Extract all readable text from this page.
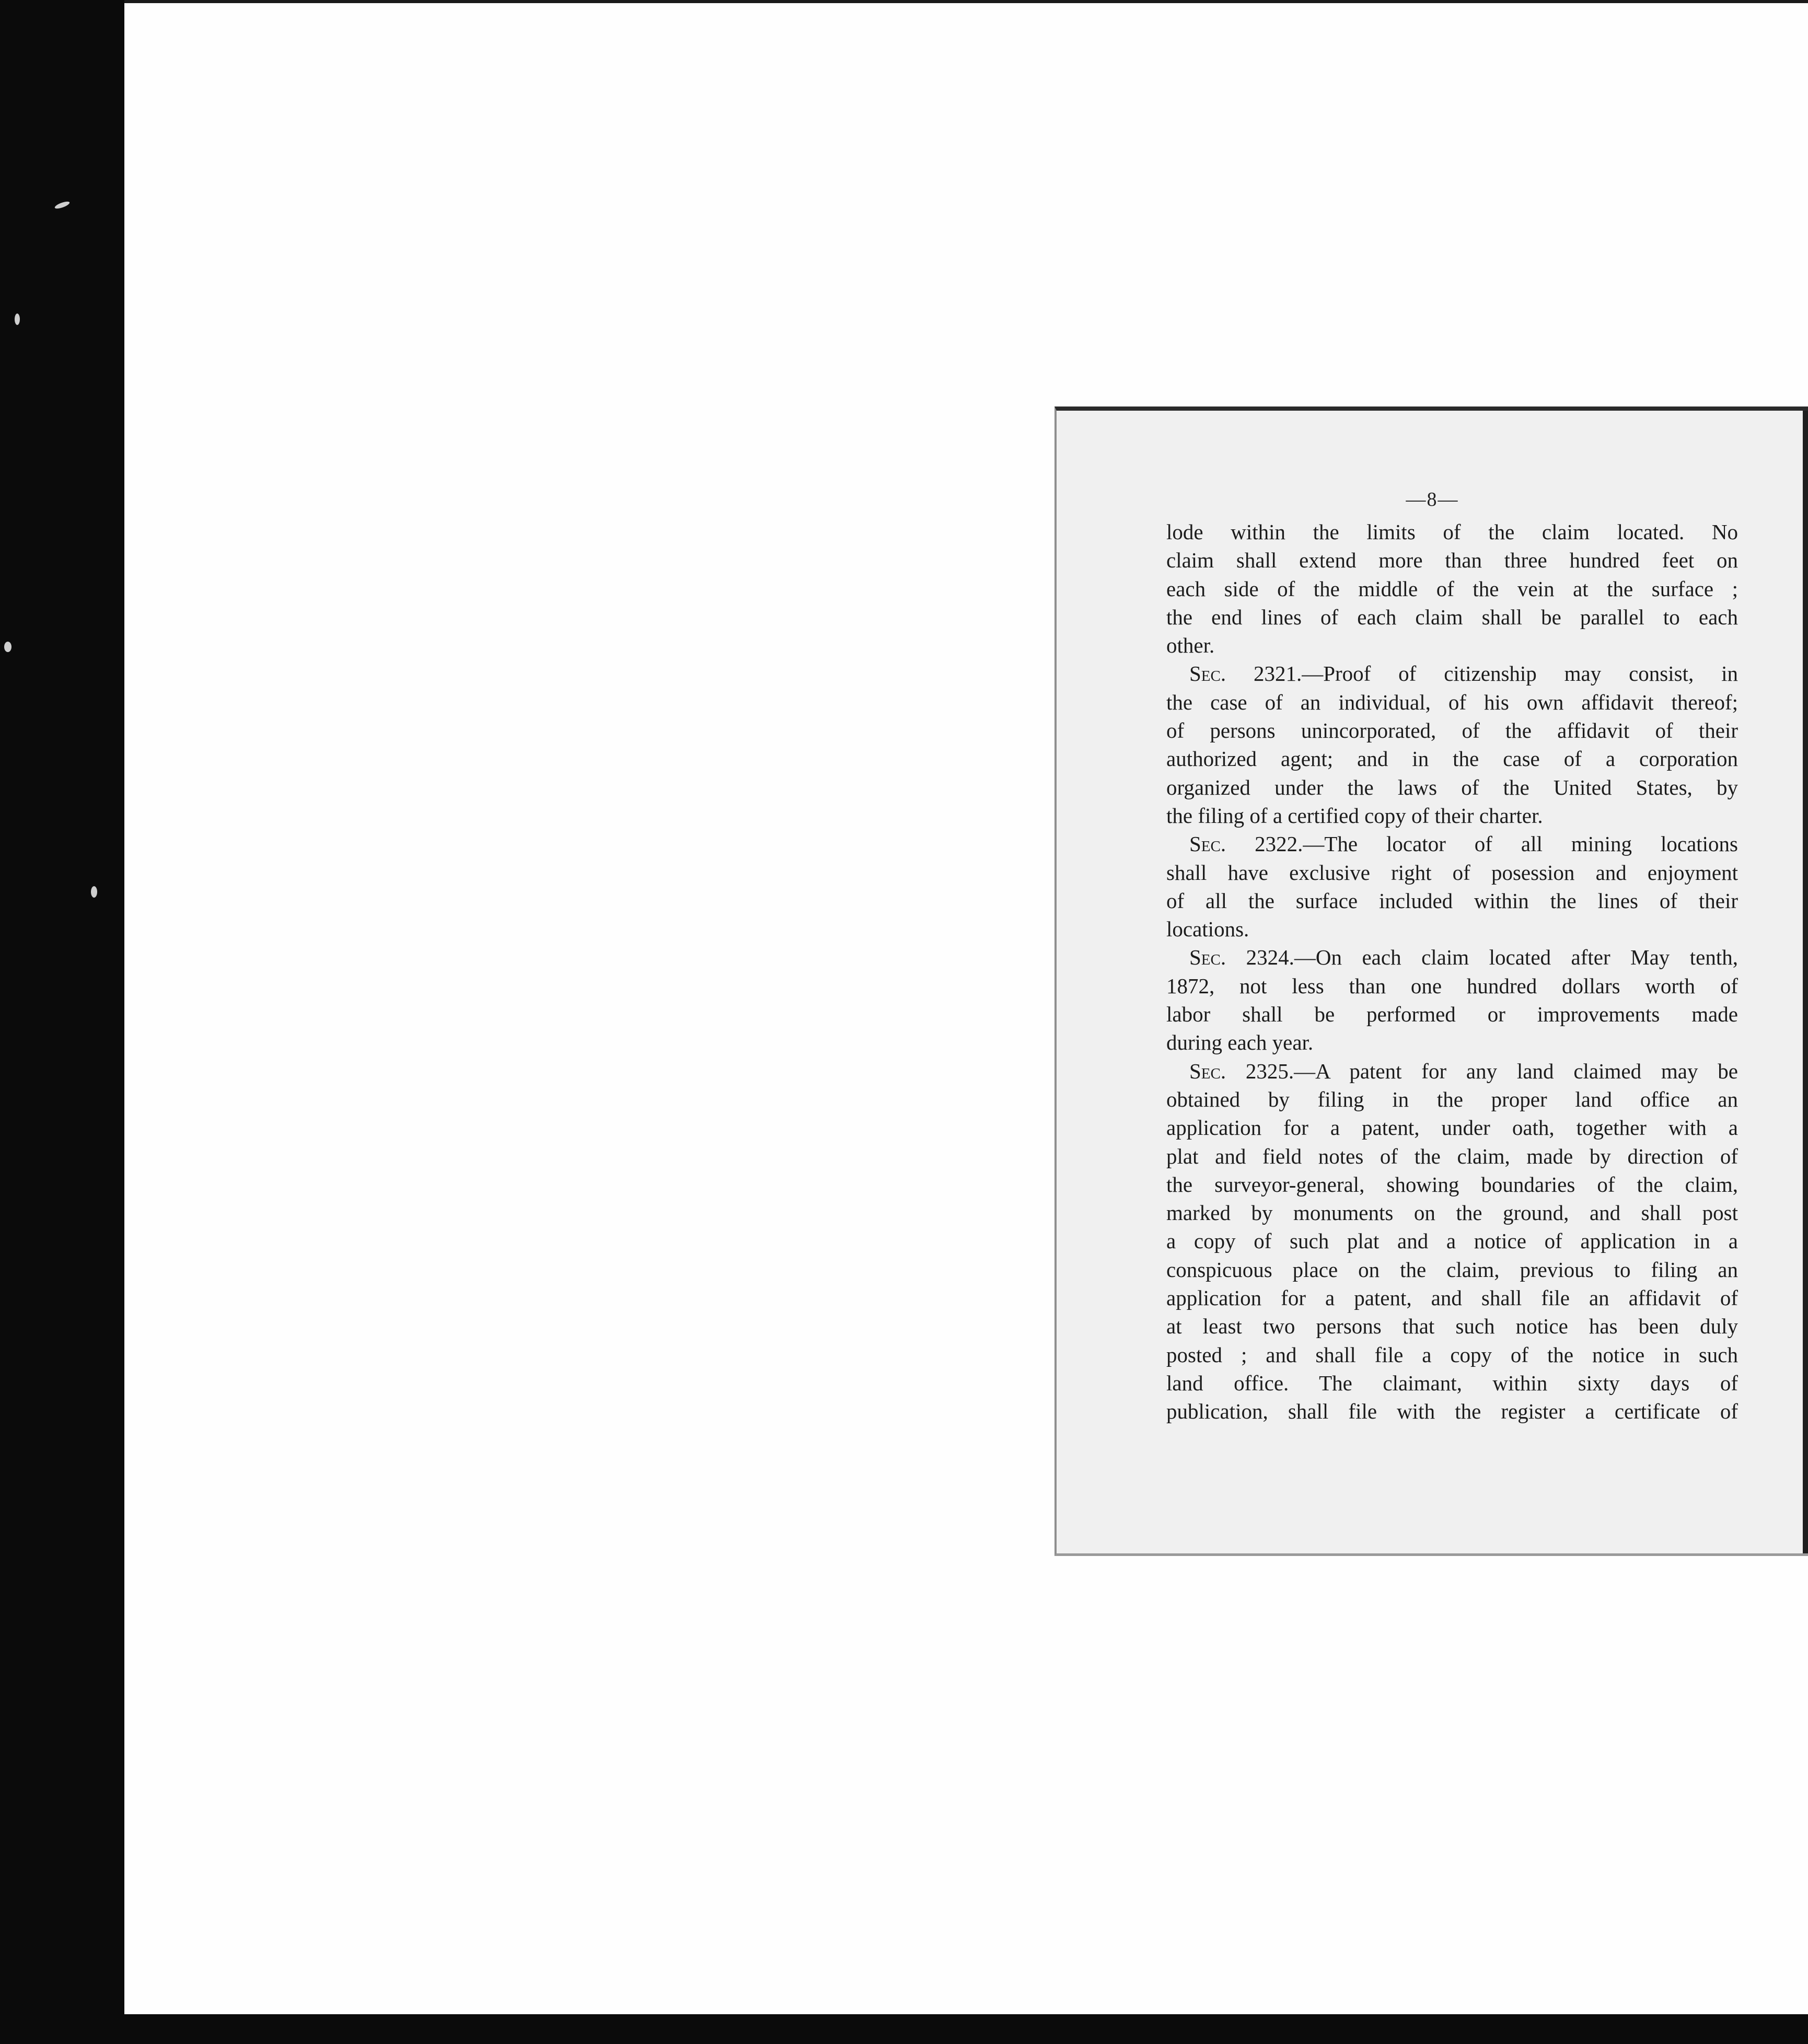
—8—
lode within the limits of the claim located. No
claim shall extend more than three hundred feet on
each side of the middle of the vein at the surface ;
the end lines of each claim shall be parallel to each
other.
Sec. 2321.—Proof of citizenship may consist, in
the case of an individual, of his own affidavit thereof;
of persons unincorporated, of the affidavit of their
authorized agent; and in the case of a corporation
organized under the laws of the United States, by
the filing of a certified copy of their charter.
Sec. 2322.—The locator of all mining locations
shall have exclusive right of posession and enjoyment
of all the surface included within the lines of their
locations.
Sec. 2324.—On each claim located after May tenth,
1872, not less than one hundred dollars worth of
labor shall be performed or improvements made
during each year.
Sec. 2325.—A patent for any land claimed may be
obtained by filing in the proper land office an
application for a patent, under oath, together with a
plat and field notes of the claim, made by direction of
the surveyor-general, showing boundaries of the claim,
marked by monuments on the ground, and shall post
a copy of such plat and a notice of application in a
conspicuous place on the claim, previous to filing an
application for a patent, and shall file an affidavit of
at least two persons that such notice has been duly
posted ; and shall file a copy of the notice in such
land office. The claimant, within sixty days of
publication, shall file with the register a certificate of
